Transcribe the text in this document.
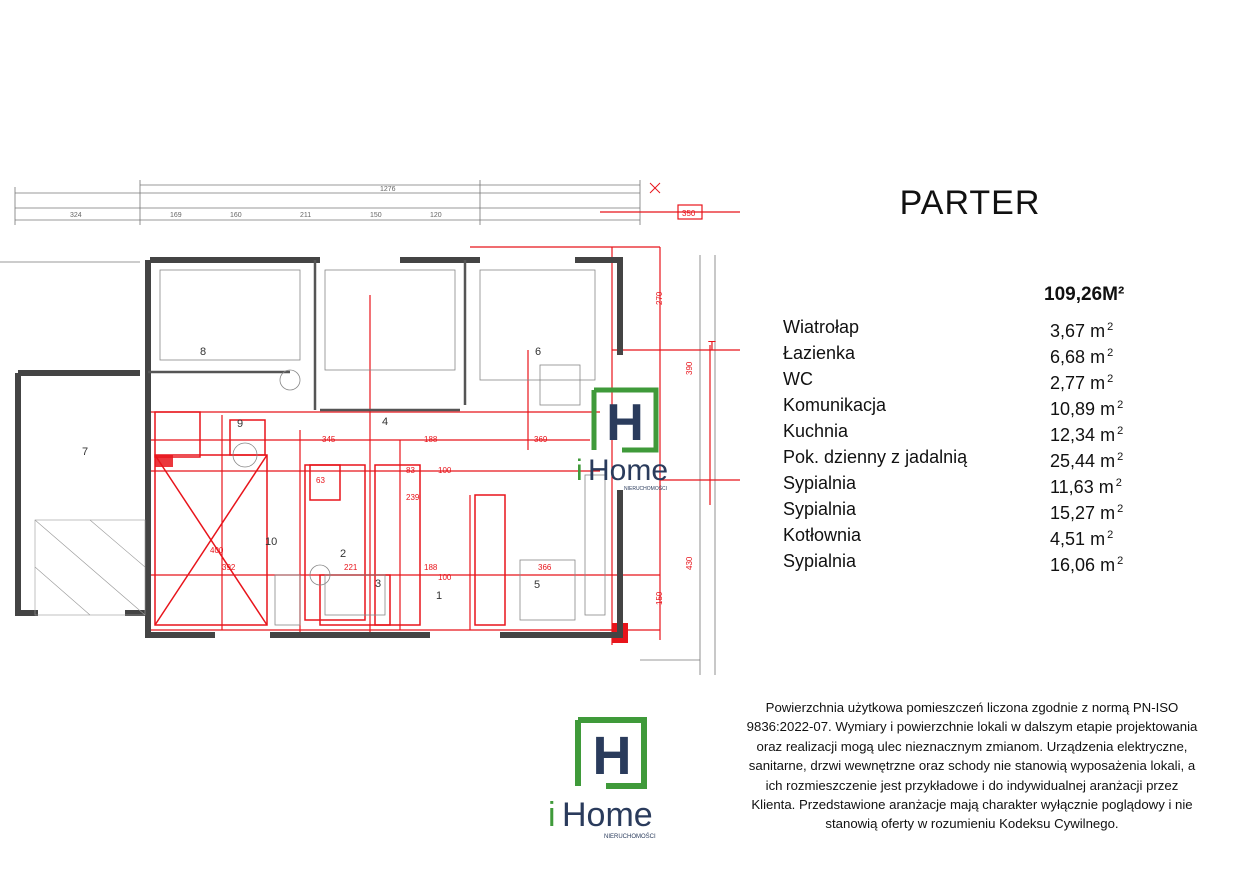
1276
324	169	160	211	150	120
8
9
6
4
10
2
3
1
5
7
345	188	369
100
239
400
392	221	188	366
100
63
83
350
270
390
430
150
T
H
i Home
NIERUCHOMOŚCI
H
i Home
NIERUCHOMOŚCI
PARTER
109,26M²
Wiatrołap	3,67 m $^2$
Łazienka	6,68 m $^2$
WC	2,77 m $^2$
Komunikacja	10,89 m $^2$
Kuchnia	12,34 m $^2$
Pok. dzienny z jadalnią	25,44 m $^2$
Sypialnia	11,63 m $^2$
Sypialnia	15,27 m $^2$
Kotłownia	4,51 m $^2$
Sypialnia	16,06 m $^2$
Powierzchnia użytkowa pomieszczeń liczona zgodnie z normą PN-ISO 9836:2022-07. Wymiary i powierzchnie lokali w dalszym etapie projektowania oraz realizacji mogą ulec nieznacznym zmianom. Urządzenia elektryczne, sanitarne, drzwi wewnętrzne oraz schody nie stanowią wyposażenia lokali, a ich rozmieszczenie jest przykładowe i do indywidualnej aranżacji przez Klienta. Przedstawione aranżacje mają charakter wyłącznie poglądowy i nie stanowią oferty w rozumieniu Kodeksu Cywilnego.
